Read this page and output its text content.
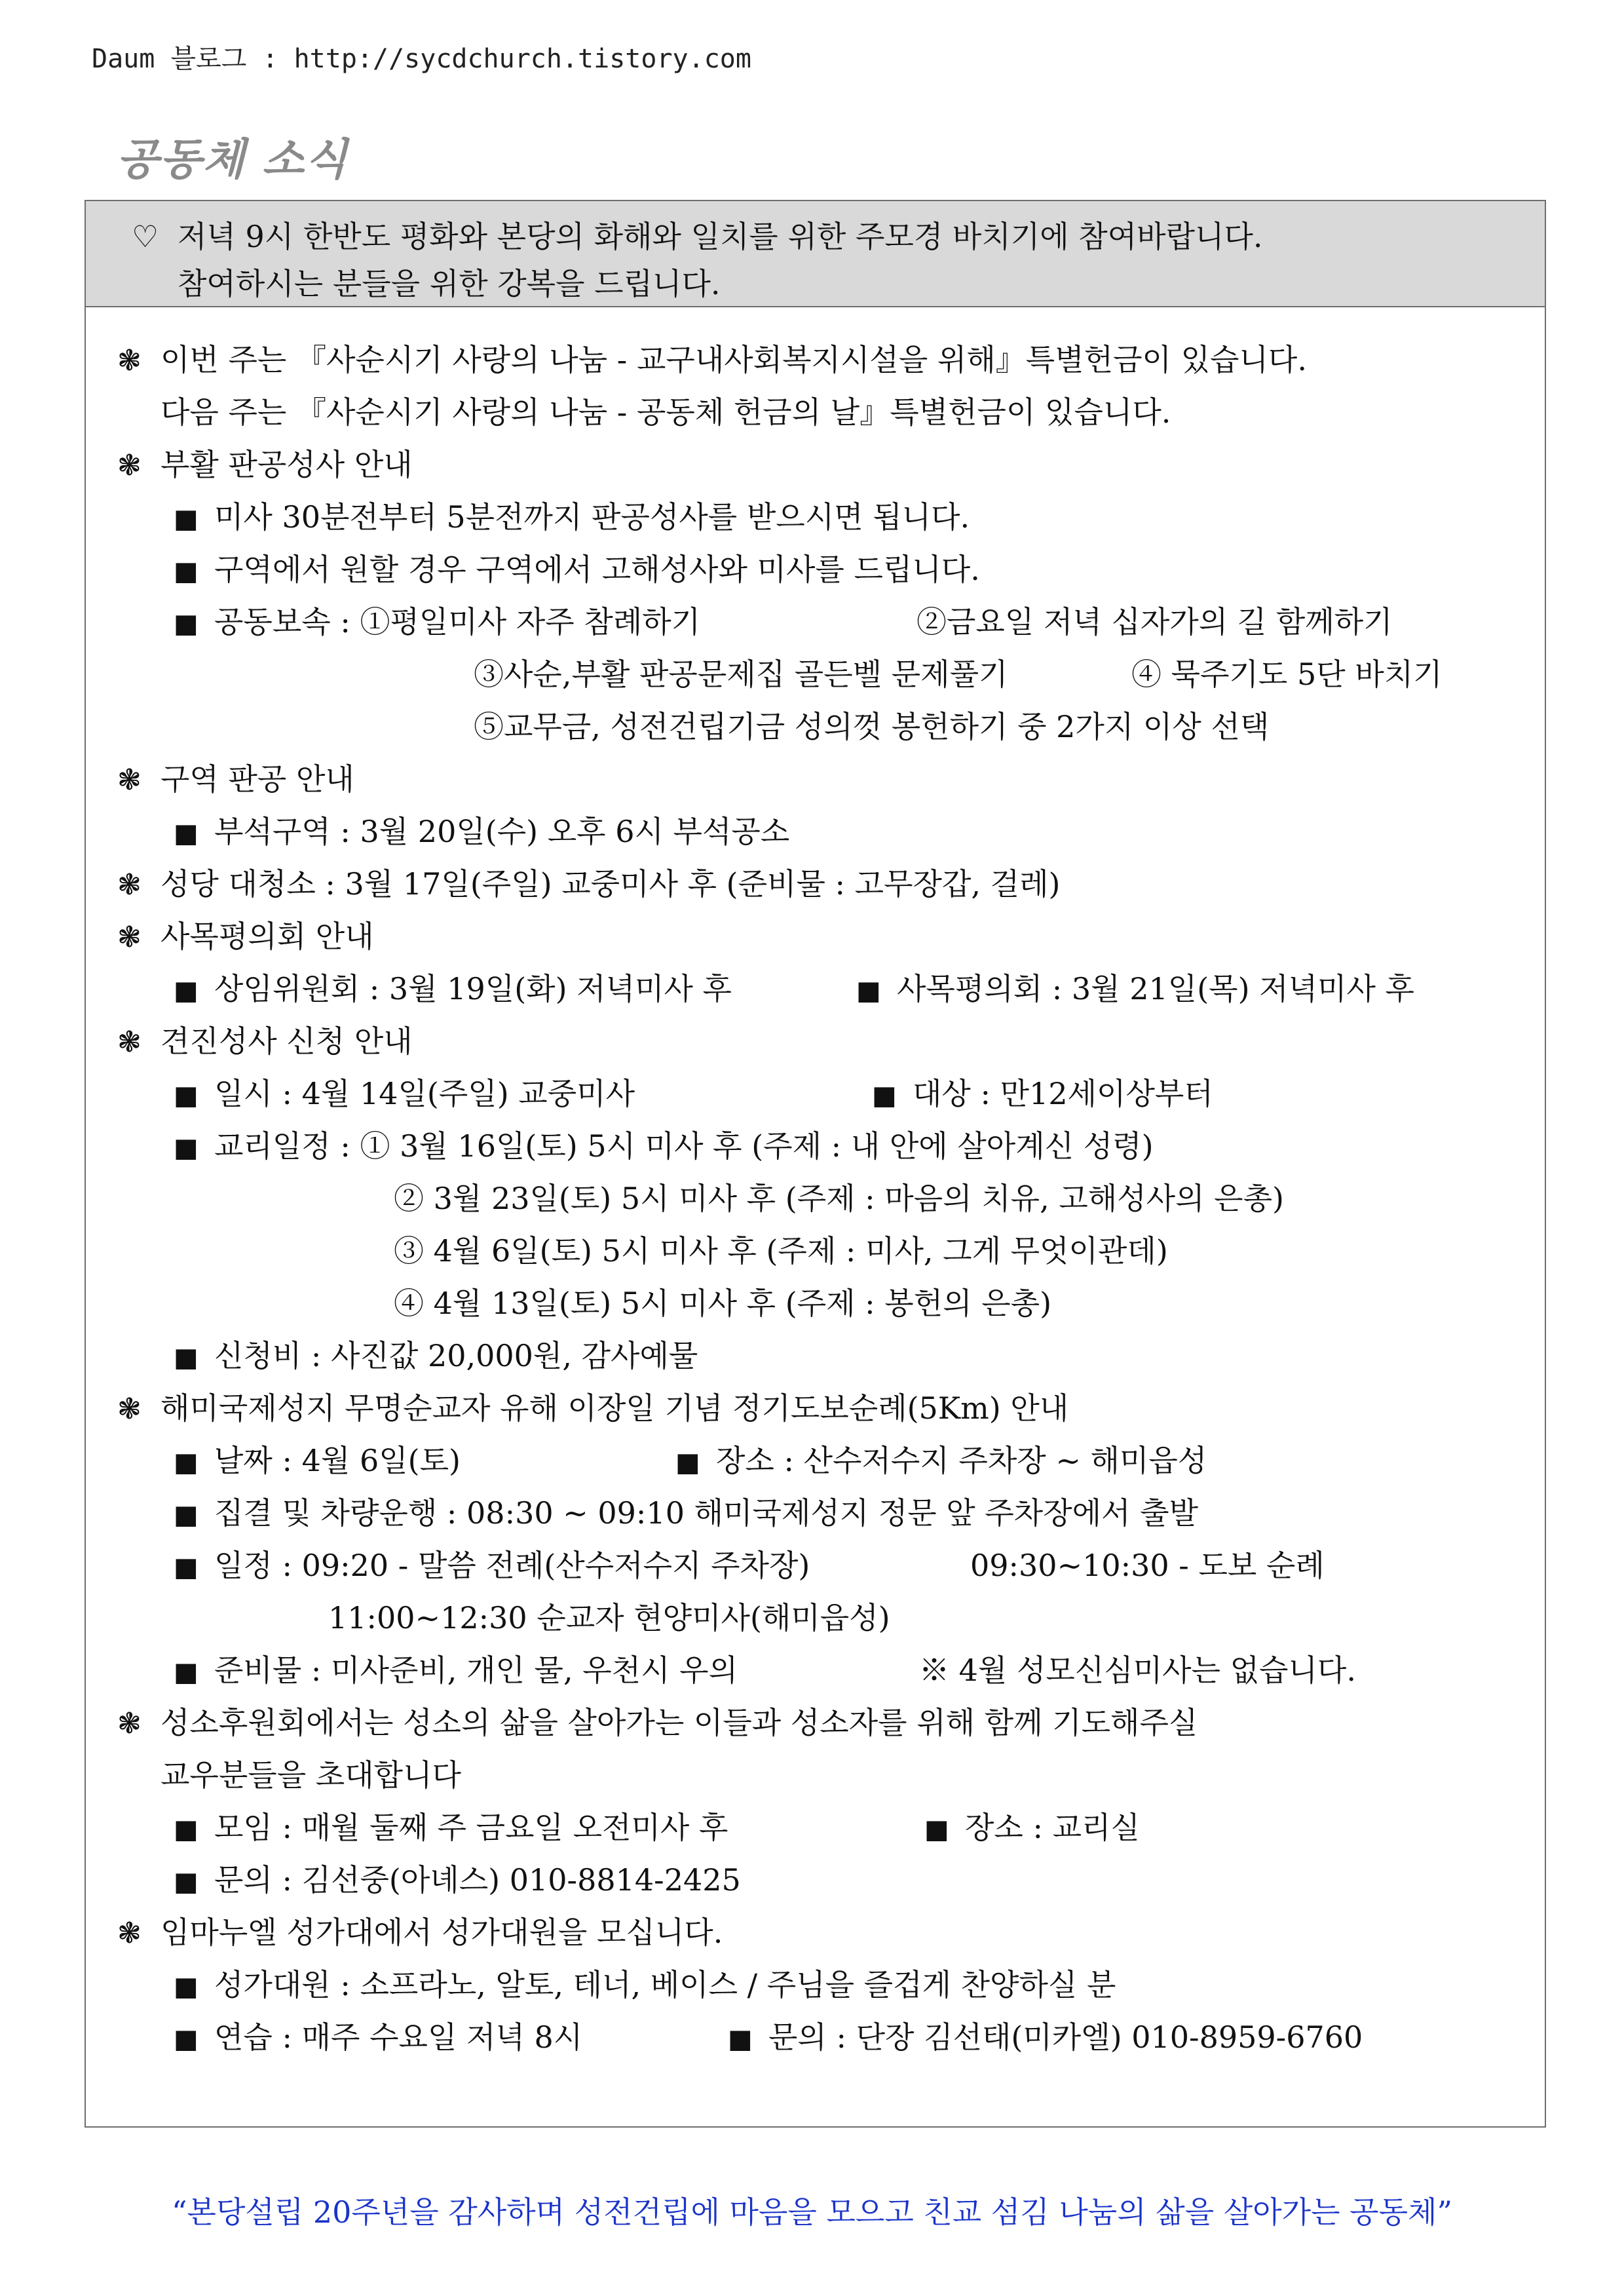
Daum 블로그 : http://sycdchurch.tistory.com
공동체 소식
♡ 저녁 9시 한반도 평화와 본당의 화해와 일치를 위한 주모경 바치기에 참여바랍니다.
참여하시는 분들을 위한 강복을 드립니다.
❃ 이번 주는 『사순시기 사랑의 나눔 - 교구내사회복지시설을 위해』특별헌금이 있습니다.
다음 주는 『사순시기 사랑의 나눔 - 공동체 헌금의 날』특별헌금이 있습니다.
❃ 부활 판공성사 안내
■ 미사 30분전부터 5분전까지 판공성사를 받으시면 됩니다.
■ 구역에서 원할 경우 구역에서 고해성사와 미사를 드립니다.
■ 공동보속 : ①평일미사 자주 참례하기	②금요일 저녁 십자가의 길 함께하기
③사순,부활 판공문제집 골든벨 문제풀기	④ 묵주기도 5단 바치기
⑤교무금, 성전건립기금 성의껏 봉헌하기 중 2가지 이상 선택
❃ 구역 판공 안내
■ 부석구역 : 3월 20일(수) 오후 6시 부석공소
❃ 성당 대청소 : 3월 17일(주일) 교중미사 후 (준비물 : 고무장갑, 걸레)
❃ 사목평의회 안내
■ 상임위원회 : 3월 19일(화) 저녁미사 후	■ 사목평의회 : 3월 21일(목) 저녁미사 후
❃ 견진성사 신청 안내
■ 일시 : 4월 14일(주일) 교중미사	■ 대상 : 만12세이상부터
■ 교리일정 : ① 3월 16일(토) 5시 미사 후 (주제 : 내 안에 살아계신 성령)
② 3월 23일(토) 5시 미사 후 (주제 : 마음의 치유, 고해성사의 은총)
③ 4월 6일(토) 5시 미사 후 (주제 : 미사, 그게 무엇이관데)
④ 4월 13일(토) 5시 미사 후 (주제 : 봉헌의 은총)
■ 신청비 : 사진값 20,000원, 감사예물
❃ 해미국제성지 무명순교자 유해 이장일 기념 정기도보순례(5Km) 안내
■ 날짜 : 4월 6일(토)	■ 장소 : 산수저수지 주차장 ~ 해미읍성
■ 집결 및 차량운행 : 08:30 ~ 09:10 해미국제성지 정문 앞 주차장에서 출발
■ 일정 : 09:20 - 말씀 전례(산수저수지 주차장)	09:30~10:30 - 도보 순례
11:00~12:30 순교자 현양미사(해미읍성)
■ 준비물 : 미사준비, 개인 물, 우천시 우의	※ 4월 성모신심미사는 없습니다.
❃ 성소후원회에서는 성소의 삶을 살아가는 이들과 성소자를 위해 함께 기도해주실
교우분들을 초대합니다
■ 모임 : 매월 둘째 주 금요일 오전미사 후	■ 장소 : 교리실
■ 문의 : 김선중(아녜스) 010-8814-2425
❃ 임마누엘 성가대에서 성가대원을 모십니다.
■ 성가대원 : 소프라노, 알토, 테너, 베이스 / 주님을 즐겁게 찬양하실 분
■ 연습 : 매주 수요일 저녁 8시	■ 문의 : 단장 김선태(미카엘) 010-8959-6760
“본당설립 20주년을 감사하며 성전건립에 마음을 모으고 친교 섬김 나눔의 삶을 살아가는 공동체”
